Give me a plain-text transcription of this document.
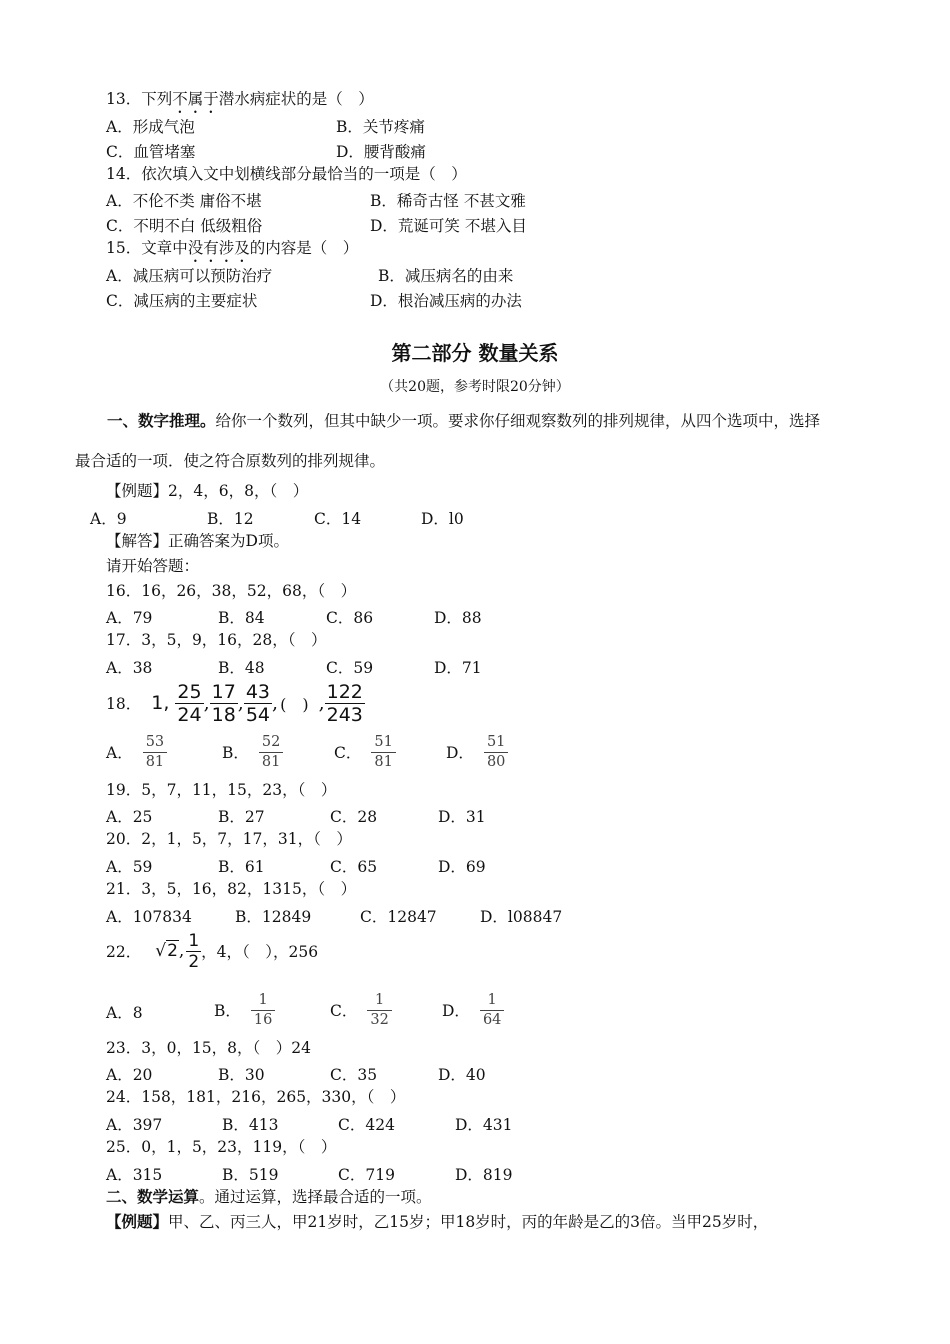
13．下列不属于潜水病症状的是（　）
A．形成气泡	B．关节疼痛
C．血管堵塞	D．腰背酸痛
14．依次填入文中划横线部分最恰当的一项是（　）
A．不伦不类 庸俗不堪	B．稀奇古怪 不甚文雅
C．不明不白 低级粗俗	D．荒诞可笑 不堪入目
15．文章中没有涉及的内容是（　）
A．减压病可以预防治疗	B．减压病名的由来
C．减压病的主要症状	D．根治减压病的办法
第二部分 数量关系
（共20题，参考时限20分钟）
一、数字推理。给你一个数列，但其中缺少一项。要求你仔细观察数列的排列规律，从四个选项中，选择
最合适的一项．使之符合原数列的排列规律。
【例题】2，4，6，8，（　）
A．9	B．12	C．14	D．l0
【解答】正确答案为D项。
请开始答题：
16．16，26，38，52，68，（　）
A．79	B．84	C．86	D．88
17．3，5，9，16，28，（　）
A．38	B．48	C．59	D．71
18． 1, $\frac{25}{24}$ , $\frac{17}{18}$ , $\frac{43}{54}$ , (　) , $\frac{122}{243}$
A． $\frac{53}{81}$	B． $\frac{52}{81}$	C． $\frac{51}{81}$	D． $\frac{51}{80}$
19．5，7，11，15，23，（　）
A．25	B．27	C．28	D．31
20．2，1，5，7，17，31，（　）
A．59	B．61	C．65	D．69
21．3，5，16，82，1315，（　）
A．107834	B．12849	C．12847	D．l08847
22． √2 , $\frac{1}{2}$ ，4，（　），256
A．8	B． $\frac{1}{16}$	C． $\frac{1}{32}$	D． $\frac{1}{64}$
23．3，0，15，8，（　）24
A．20	B．30	C．35	D．40
24．158，181，216，265，330，（　）
A．397	B．413	C．424	D．431
25．0，1，5，23，119，（　）
A．315	B．519	C．719	D．819
二、数学运算。通过运算，选择最合适的一项。
【例题】甲、乙、丙三人，甲21岁时，乙15岁；甲18岁时，丙的年龄是乙的3倍。当甲25岁时，
